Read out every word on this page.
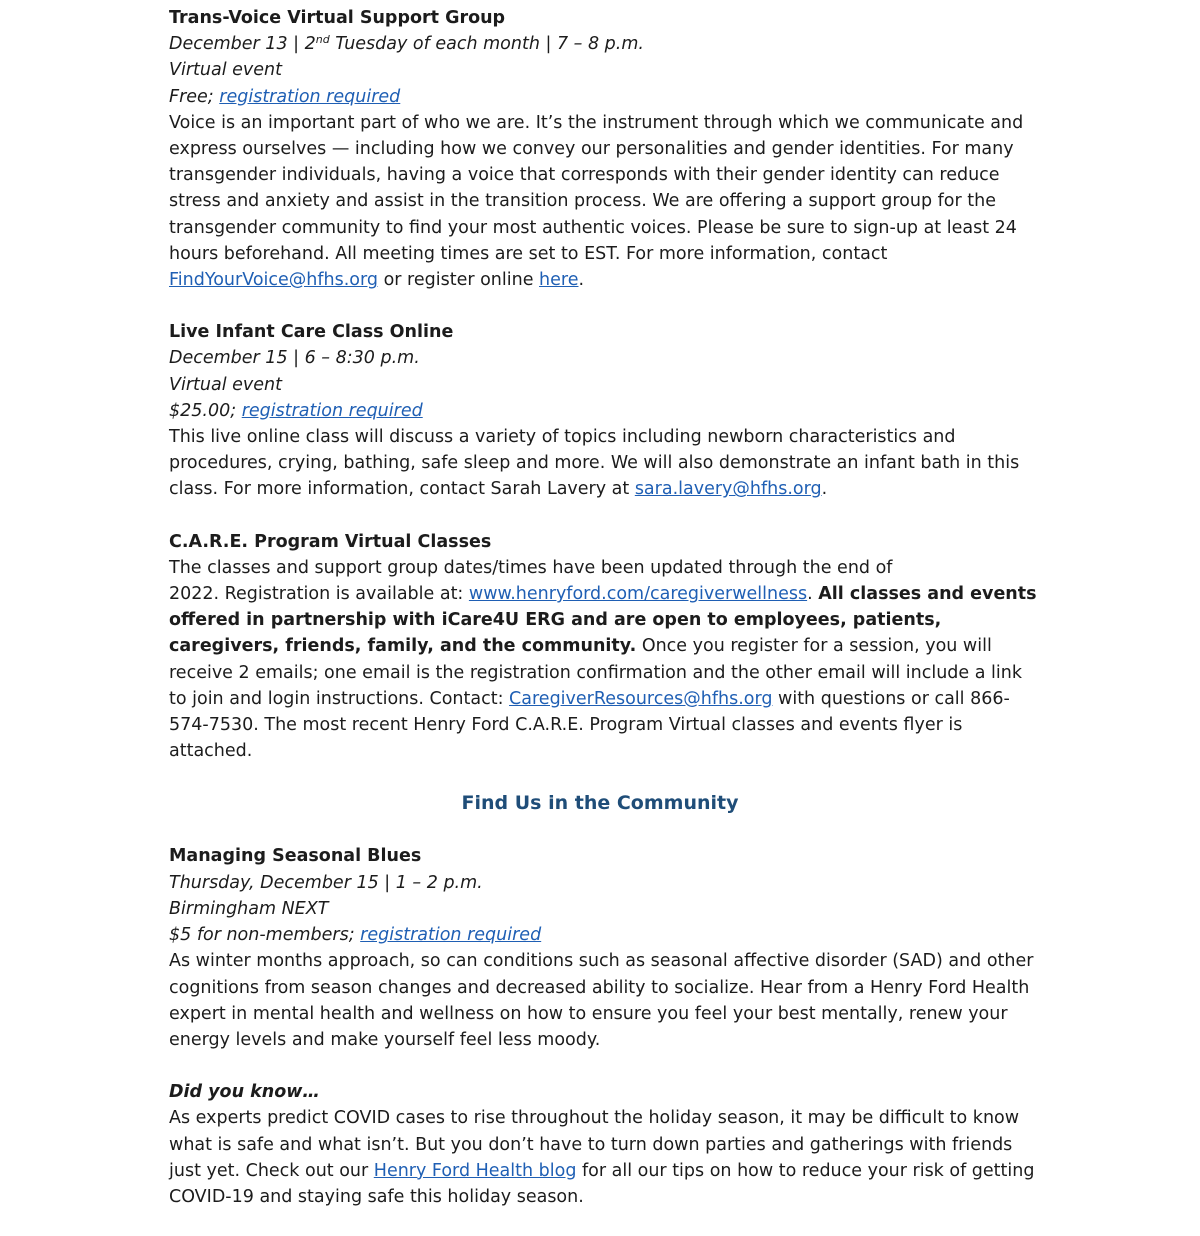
Trans-Voice Virtual Support Group
December 13 | 2nd Tuesday of each month | 7 – 8 p.m.
Virtual event
Free; registration required
Voice is an important part of who we are. It’s the instrument through which we communicate and express ourselves — including how we convey our personalities and gender identities. For many transgender individuals, having a voice that corresponds with their gender identity can reduce stress and anxiety and assist in the transition process. We are offering a support group for the transgender community to find your most authentic voices. Please be sure to sign-up at least 24 hours beforehand. All meeting times are set to EST. For more information, contact FindYourVoice@hfhs.org or register online here.
Live Infant Care Class Online
December 15 | 6 – 8:30 p.m.
Virtual event
$25.00; registration required
This live online class will discuss a variety of topics including newborn characteristics and procedures, crying, bathing, safe sleep and more. We will also demonstrate an infant bath in this class. For more information, contact Sarah Lavery at sara.lavery@hfhs.org.
C.A.R.E. Program Virtual Classes
The classes and support group dates/times have been updated through the end of
2022. Registration is available at: www.henryford.com/caregiverwellness. All classes and events offered in partnership with iCare4U ERG and are open to employees, patients, caregivers, friends, family, and the community. Once you register for a session, you will receive 2 emails; one email is the registration confirmation and the other email will include a link to join and login instructions. Contact: CaregiverResources@hfhs.org with questions or call 866-574-7530. The most recent Henry Ford C.A.R.E. Program Virtual classes and events flyer is attached.
Find Us in the Community
Managing Seasonal Blues
Thursday, December 15 | 1 – 2 p.m.
Birmingham NEXT
$5 for non-members; registration required
As winter months approach, so can conditions such as seasonal affective disorder (SAD) and other cognitions from season changes and decreased ability to socialize. Hear from a Henry Ford Health expert in mental health and wellness on how to ensure you feel your best mentally, renew your energy levels and make yourself feel less moody.
Did you know…
As experts predict COVID cases to rise throughout the holiday season, it may be difficult to know what is safe and what isn’t. But you don’t have to turn down parties and gatherings with friends just yet. Check out our Henry Ford Health blog for all our tips on how to reduce your risk of getting COVID-19 and staying safe this holiday season.
